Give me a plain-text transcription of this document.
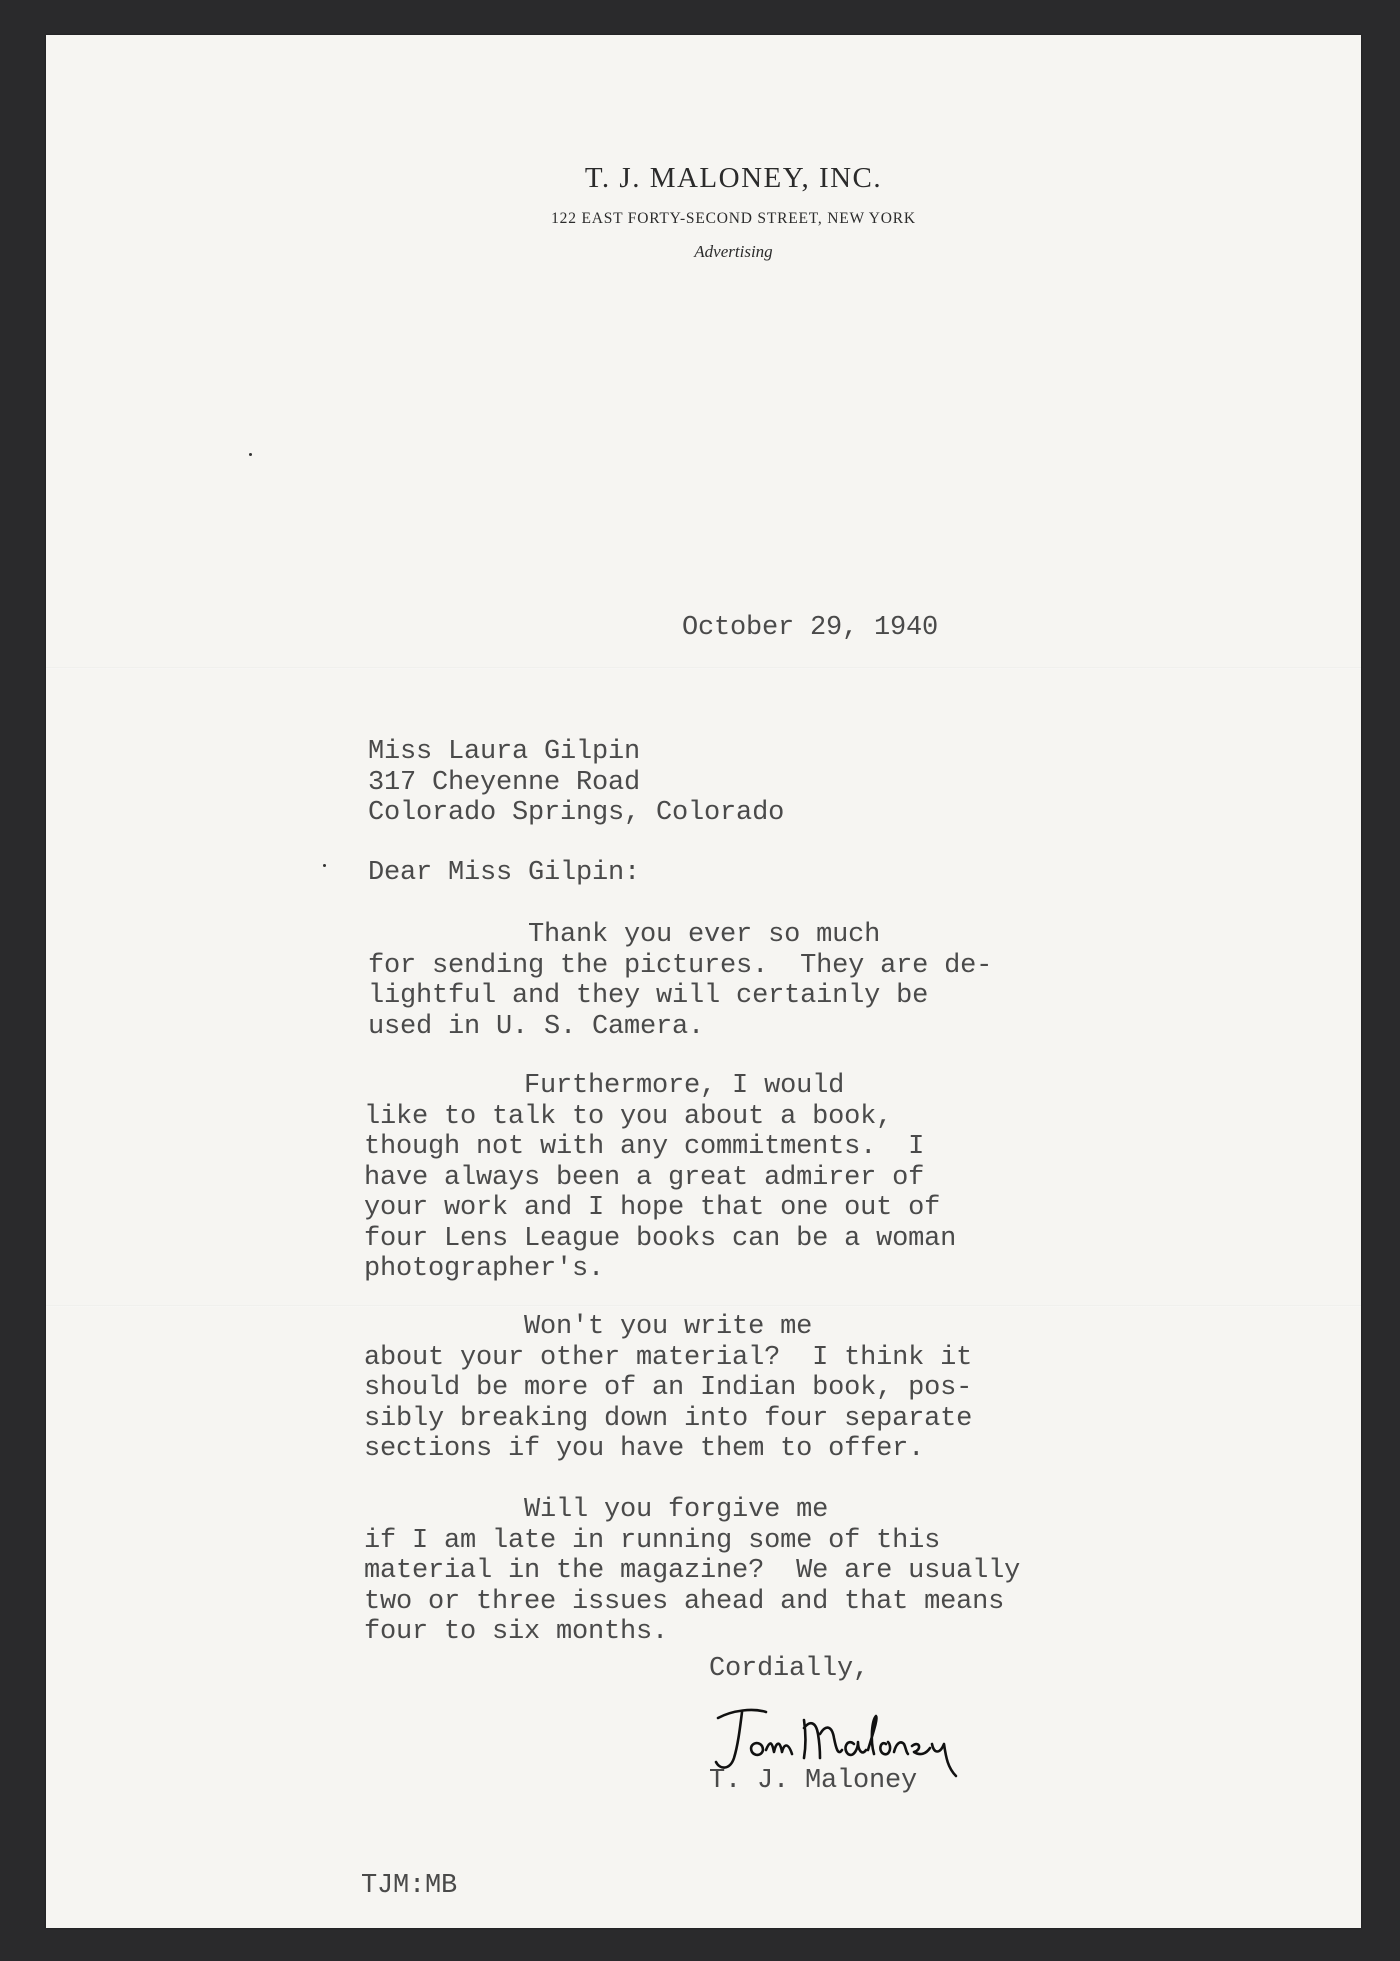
T. J. MALONEY, INC.
122 EAST FORTY-SECOND STREET, NEW YORK
Advertising
October 29, 1940
Miss Laura Gilpin
317 Cheyenne Road
Colorado Springs, Colorado
Dear Miss Gilpin:
Thank you ever so much
for sending the pictures.  They are de-
lightful and they will certainly be
used in U. S. Camera.
Furthermore, I would
like to talk to you about a book,
though not with any commitments.  I
have always been a great admirer of
your work and I hope that one out of
four Lens League books can be a woman
photographer's.
Won't you write me
about your other material?  I think it
should be more of an Indian book, pos-
sibly breaking down into four separate
sections if you have them to offer.
Will you forgive me
if I am late in running some of this
material in the magazine?  We are usually
two or three issues ahead and that means
four to six months.
Cordially,
T. J. Maloney
TJM:MB
